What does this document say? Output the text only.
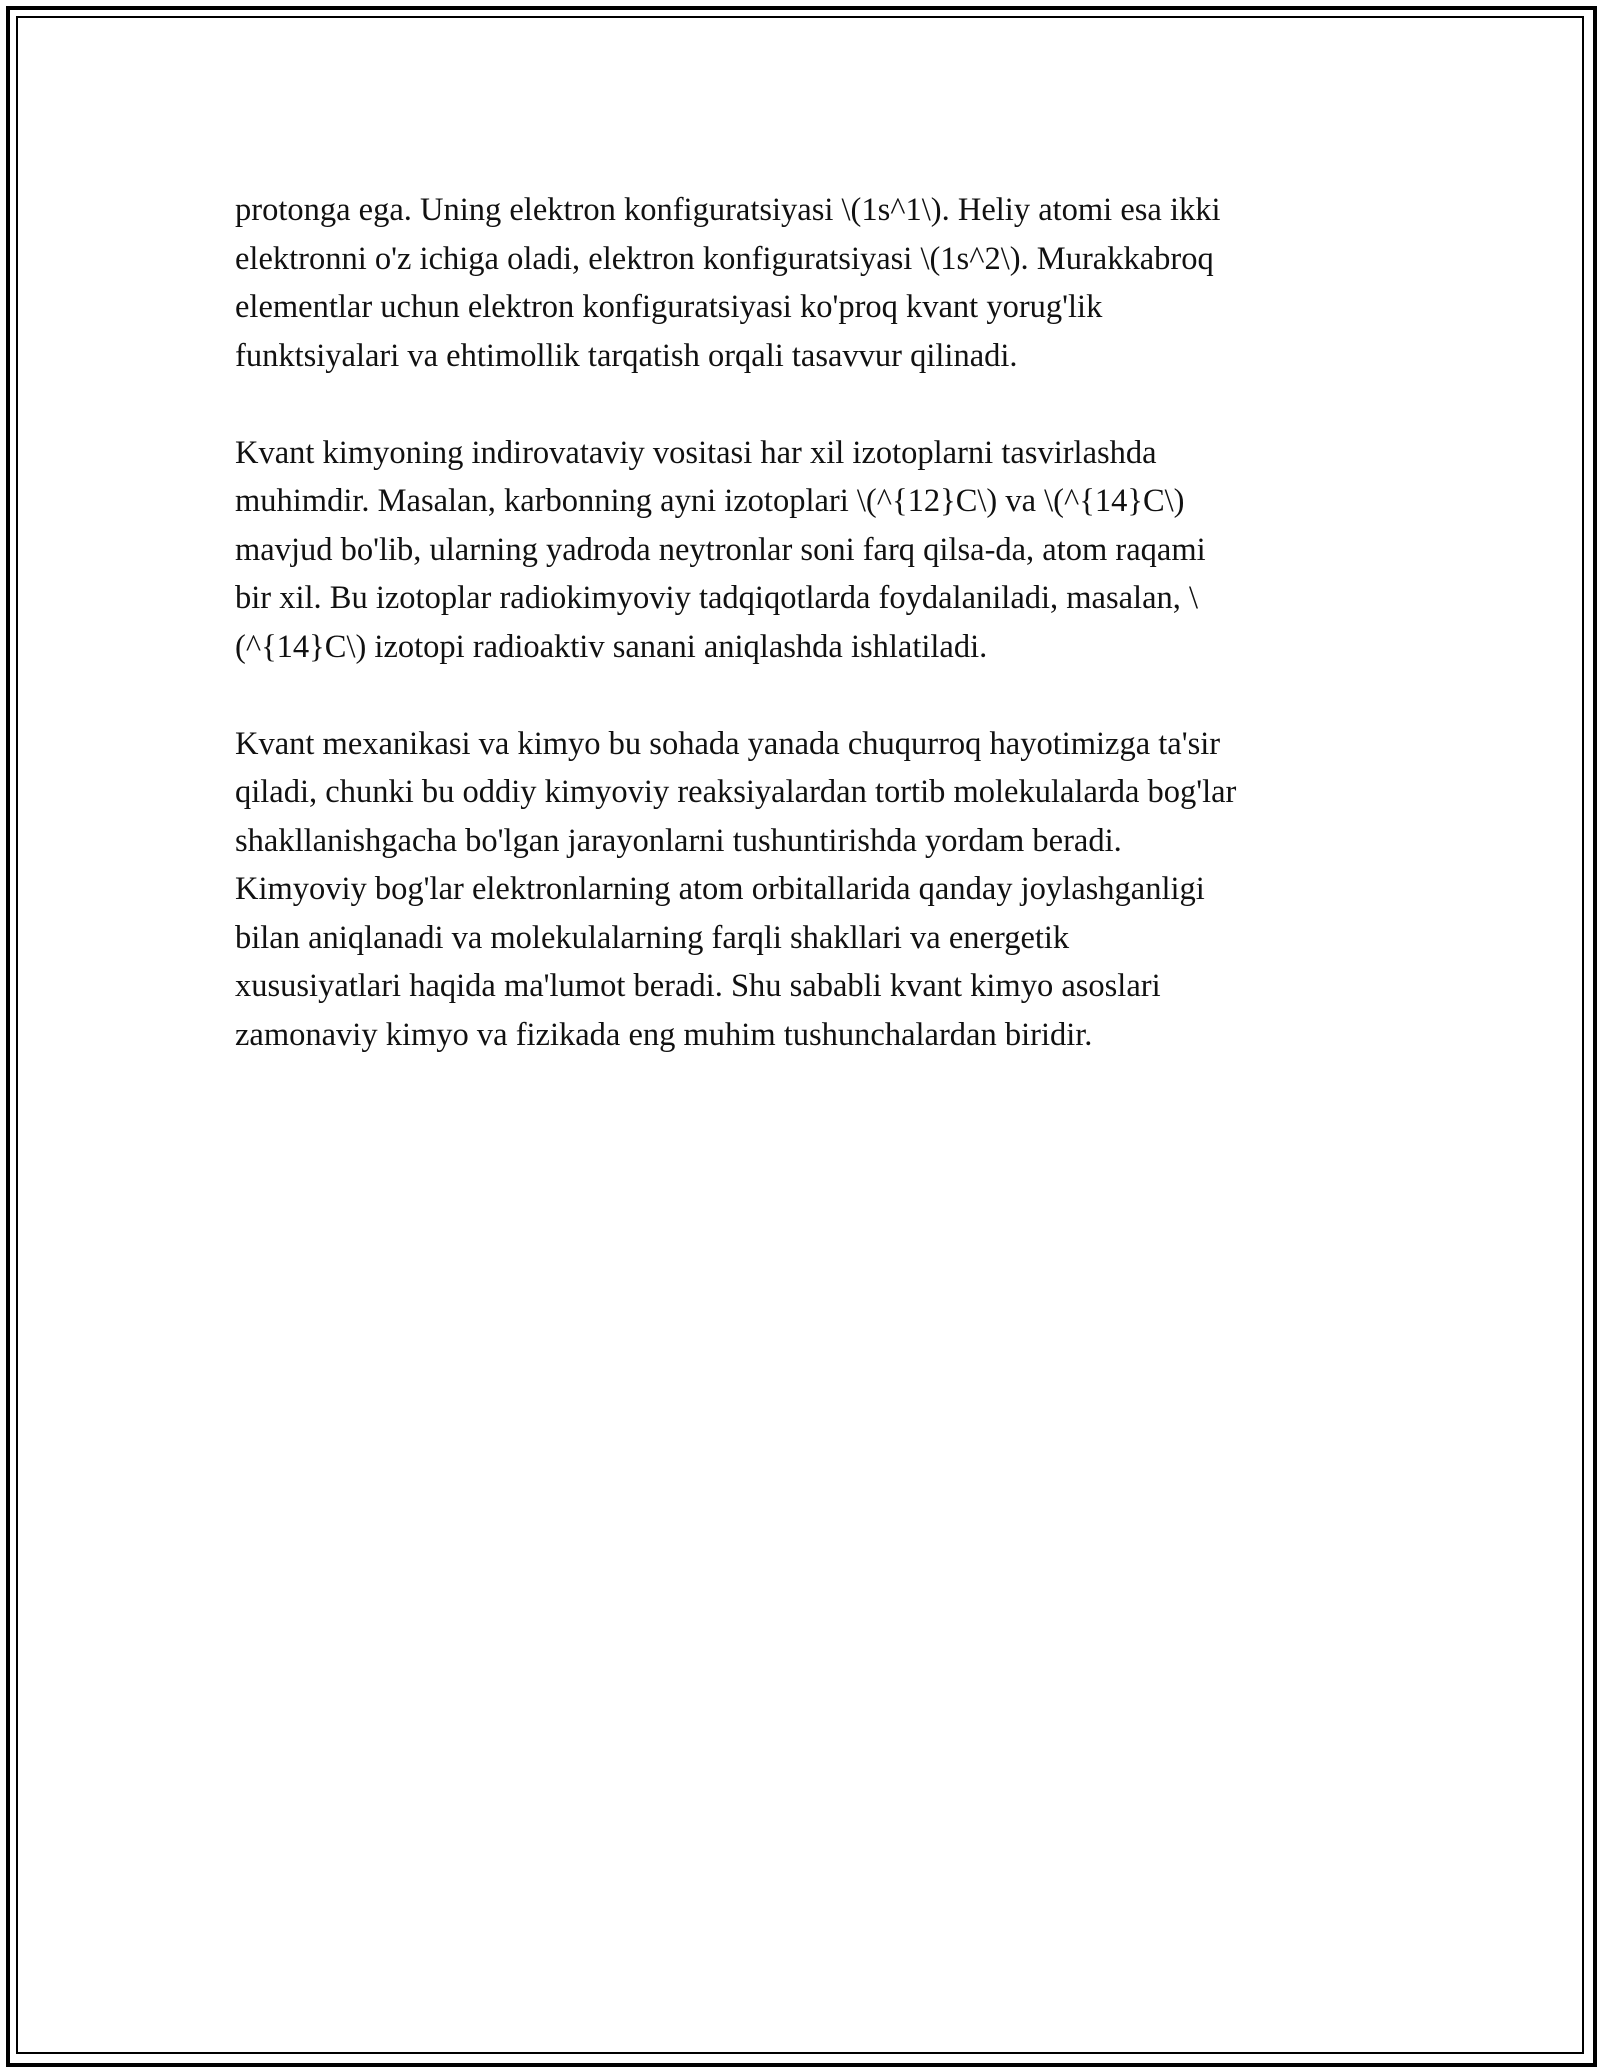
protonga ega. Uning elektron konfiguratsiyasi \(1s^1\). Heliy atomi esa ikki
elektronni o'z ichiga oladi, elektron konfiguratsiyasi \(1s^2\). Murakkabroq
elementlar uchun elektron konfiguratsiyasi ko'proq kvant yorug'lik
funktsiyalari va ehtimollik tarqatish orqali tasavvur qilinadi.

Kvant kimyoning indirovataviy vositasi har xil izotoplarni tasvirlashda
muhimdir. Masalan, karbonning ayni izotoplari \(^{12}C\) va \(^{14}C\)
mavjud bo'lib, ularning yadroda neytronlar soni farq qilsa-da, atom raqami
bir xil. Bu izotoplar radiokimyoviy tadqiqotlarda foydalaniladi, masalan, \
(^{14}C\) izotopi radioaktiv sanani aniqlashda ishlatiladi.

Kvant mexanikasi va kimyo bu sohada yanada chuqurroq hayotimizga ta'sir
qiladi, chunki bu oddiy kimyoviy reaksiyalardan tortib molekulalarda bog'lar
shakllanishgacha bo'lgan jarayonlarni tushuntirishda yordam beradi.
Kimyoviy bog'lar elektronlarning atom orbitallarida qanday joylashganligi
bilan aniqlanadi va molekulalarning farqli shakllari va energetik
xususiyatlari haqida ma'lumot beradi. Shu sababli kvant kimyo asoslari
zamonaviy kimyo va fizikada eng muhim tushunchalardan biridir.
